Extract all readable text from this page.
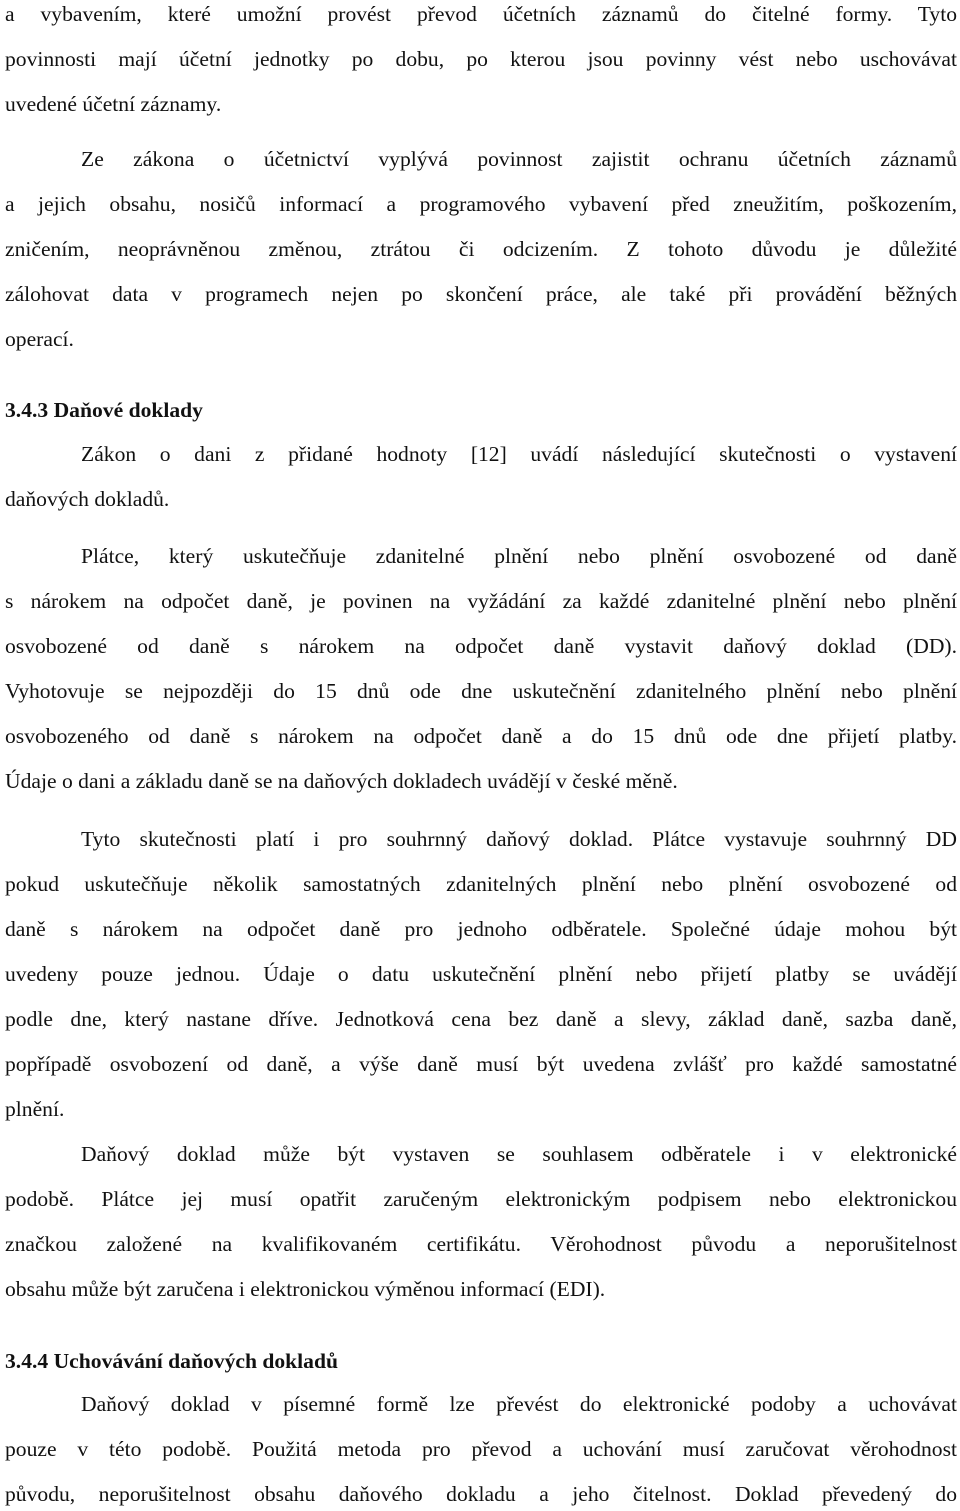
a vybavením, které umožní provést převod účetních záznamů do čitelné formy. Tyto
povinnosti mají účetní jednotky po dobu, po kterou jsou povinny vést nebo uschovávat
uvedené účetní záznamy.
Ze zákona o účetnictví vyplývá povinnost zajistit ochranu účetních záznamů
a jejich obsahu, nosičů informací a programového vybavení před zneužitím, poškozením,
zničením, neoprávněnou změnou, ztrátou či odcizením. Z tohoto důvodu je důležité
zálohovat data v programech nejen po skončení práce, ale také při provádění běžných
operací.
3.4.3 Daňové doklady
Zákon o dani z přidané hodnoty [12] uvádí následující skutečnosti o vystavení
daňových dokladů.
Plátce, který uskutečňuje zdanitelné plnění nebo plnění osvobozené od daně
s nárokem na odpočet daně, je povinen na vyžádání za každé zdanitelné plnění nebo plnění
osvobozené od daně s nárokem na odpočet daně vystavit daňový doklad (DD).
Vyhotovuje se nejpozději do 15 dnů ode dne uskutečnění zdanitelného plnění nebo plnění
osvobozeného od daně s nárokem na odpočet daně a do 15 dnů ode dne přijetí platby.
Údaje o dani a základu daně se na daňových dokladech uvádějí v české měně.
Tyto skutečnosti platí i pro souhrnný daňový doklad. Plátce vystavuje souhrnný DD
pokud uskutečňuje několik samostatných zdanitelných plnění nebo plnění osvobozené od
daně s nárokem na odpočet daně pro jednoho odběratele. Společné údaje mohou být
uvedeny pouze jednou. Údaje o datu uskutečnění plnění nebo přijetí platby se uvádějí
podle dne, který nastane dříve. Jednotková cena bez daně a slevy, základ daně, sazba daně,
popřípadě osvobození od daně, a výše daně musí být uvedena zvlášť pro každé samostatné
plnění.
Daňový doklad může být vystaven se souhlasem odběratele i v elektronické
podobě. Plátce jej musí opatřit zaručeným elektronickým podpisem nebo elektronickou
značkou založené na kvalifikovaném certifikátu. Věrohodnost původu a neporušitelnost
obsahu může být zaručena i elektronickou výměnou informací (EDI).
3.4.4 Uchovávání daňových dokladů
Daňový doklad v písemné formě lze převést do elektronické podoby a uchovávat
pouze v této podobě. Použitá metoda pro převod a uchování musí zaručovat věrohodnost
původu, neporušitelnost obsahu daňového dokladu a jeho čitelnost. Doklad převedený do
